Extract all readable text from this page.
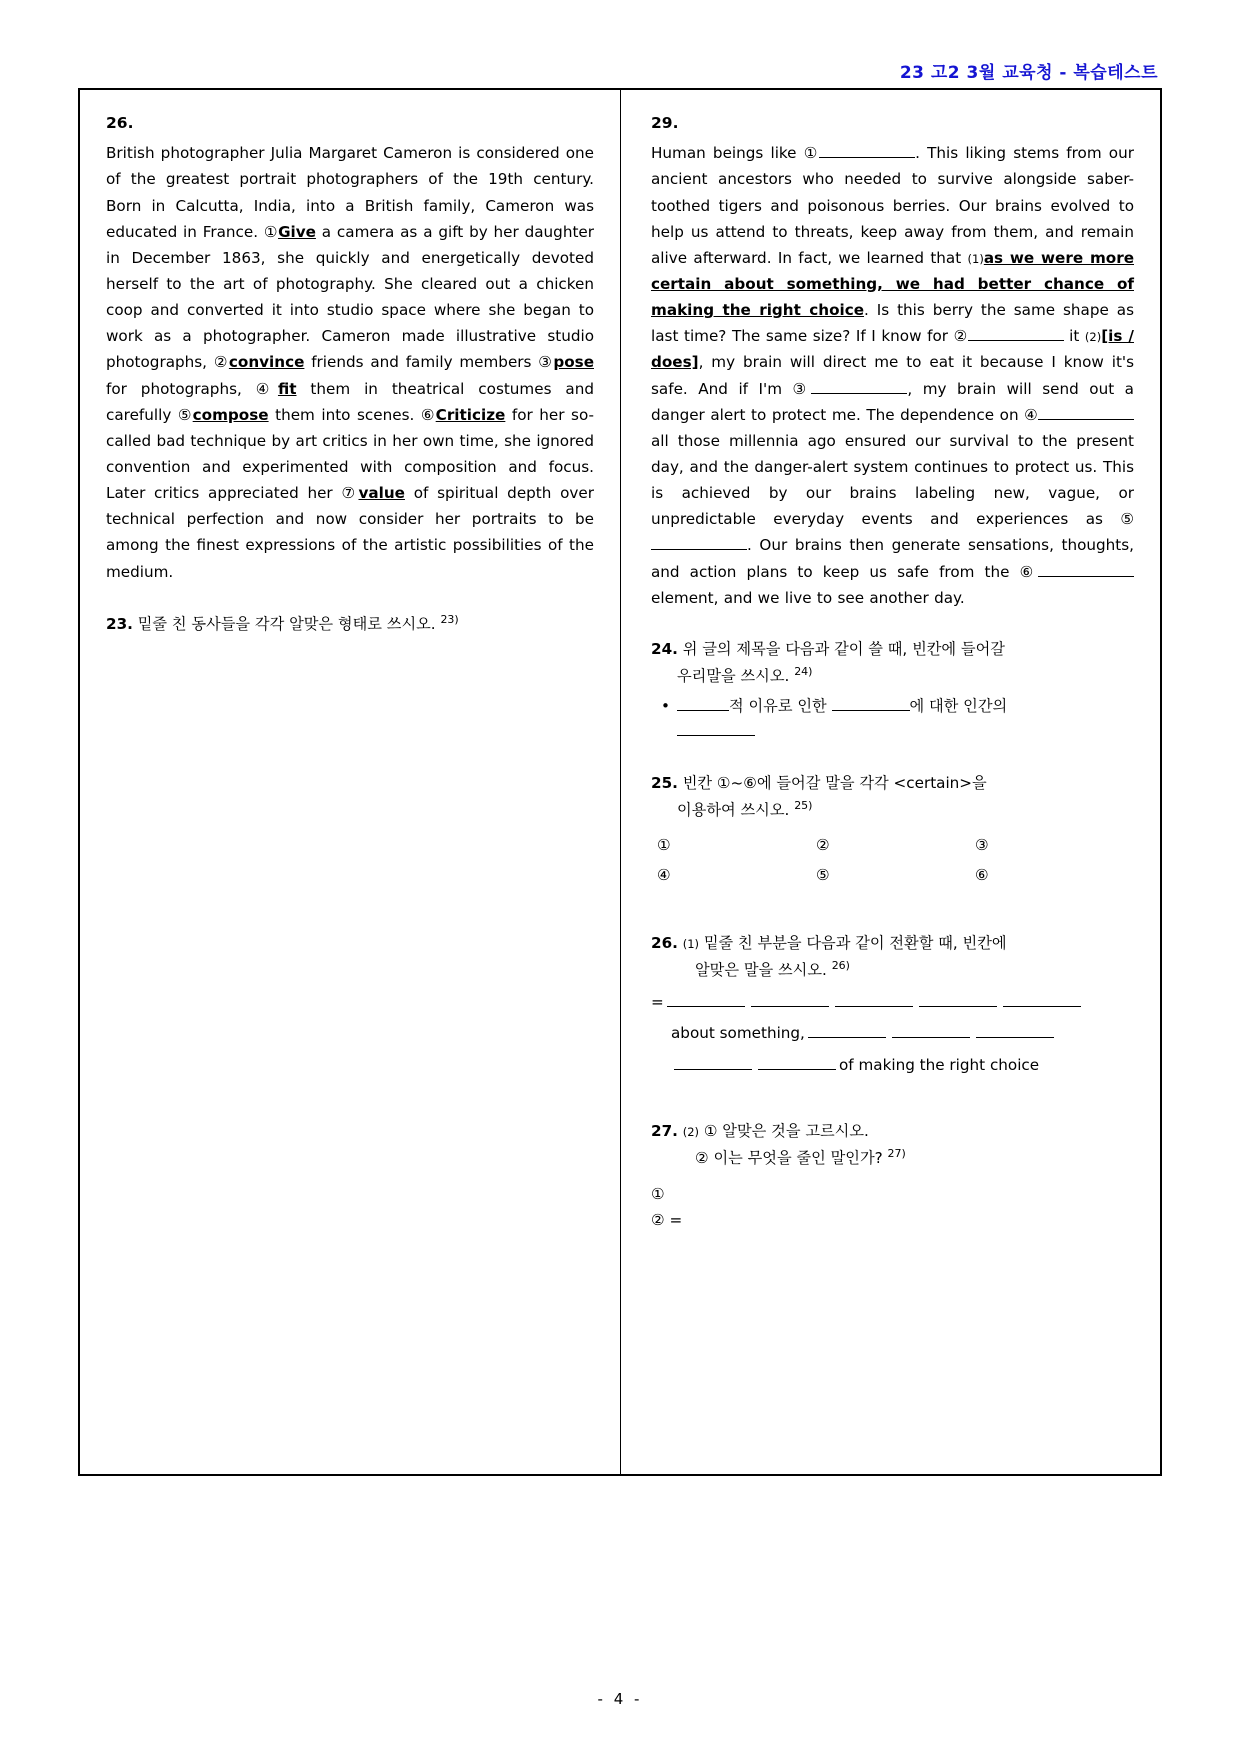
23 고2 3월 교육청 - 복습테스트
26.

British photographer Julia Margaret Cameron is considered one of the greatest portrait photographers of the 19th century. Born in Calcutta, India, into a British family, Cameron was educated in France. ①Give a camera as a gift by her daughter in December 1863, she quickly and energetically devoted herself to the art of photography. She cleared out a chicken coop and converted it into studio space where she began to work as a photographer. Cameron made illustrative studio photographs, ②convince friends and family members ③pose for photographs, ④fit them in theatrical costumes and carefully ⑤compose them into scenes. ⑥Criticize for her so-called bad technique by art critics in her own time, she ignored convention and experimented with composition and focus. Later critics appreciated her ⑦value of spiritual depth over technical perfection and now consider her portraits to be among the finest expressions of the artistic possibilities of the medium.

23. 밑줄 친 동사들을 각각 알맞은 형태로 쓰시오. $^{23)}$
29.

Human beings like ①	. This liking stems from our ancient ancestors who needed to survive alongside saber-toothed tigers and poisonous berries. Our brains evolved to help us attend to threats, keep away from them, and remain alive afterward. In fact, we learned that (1)as we were more certain about something, we had better chance of making the right choice. Is this berry the same shape as last time? The same size? If I know for ②	it (2)[is / does], my brain will direct me to eat it because I know it's safe. And if I'm ③	, my brain will send out a danger alert to protect me. The dependence on ④ all those millennia ago ensured our survival to the present day, and the danger-alert system continues to protect us. This is achieved by our brains labeling new, vague, or unpredictable everyday events and experiences as ⑤. Our brains then generate sensations, thoughts, and action plans to keep us safe from the ⑥ element, and we live to see another day.

24. 위 글의 제목을 다음과 같이 쓸 때, 빈칸에 들어갈
우리말을 쓰시오. $^{24)}$
•	적 이유로 인한	에 대한 인간의
25. 빈칸 ①~⑥에 들어갈 말을 각각 <certain>을
이용하여 쓰시오. $^{25)}$
①	②	③
④	⑤	⑥
26. (1) 밑줄 친 부분을 다음과 같이 전환할 때, 빈칸에
알맞은 말을 쓰시오. $^{26)}$
=
about something,
of making the right choice
27. (2) ① 알맞은 것을 고르시오.
② 이는 무엇을 줄인 말인가? $^{27)}$
①
② =
- 4 -
